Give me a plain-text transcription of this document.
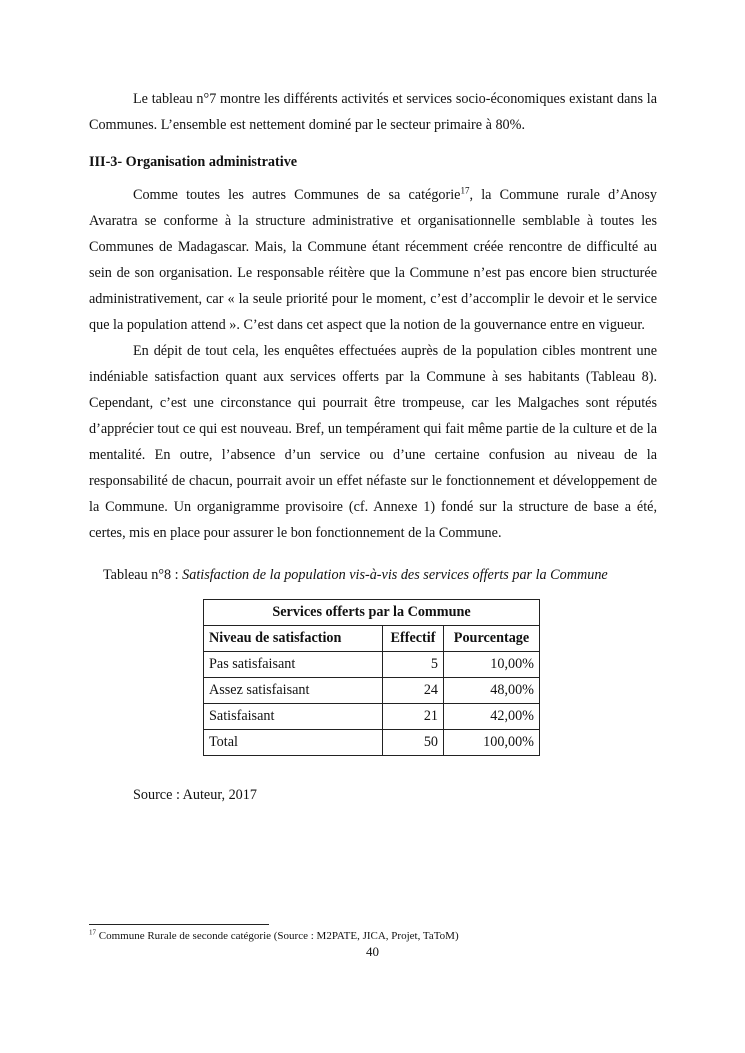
Le tableau n°7 montre les différents activités et services socio-économiques existant dans la Communes. L’ensemble est nettement dominé par le secteur primaire à 80%.

III-3- Organisation administrative

Comme toutes les autres Communes de sa catégorie$^{17}$, la Commune rurale d’Anosy Avaratra se conforme à la structure administrative et organisationnelle semblable à toutes les Communes de Madagascar. Mais, la Commune étant récemment créée rencontre de difficulté au sein de son organisation. Le responsable réitère que la Commune n’est pas encore bien structurée administrativement, car « la seule priorité pour le moment, c’est d’accomplir le devoir et le service que la population attend ». C’est dans cet aspect que la notion de la gouvernance entre en vigueur.

En dépit de tout cela, les enquêtes effectuées auprès de la population cibles montrent une indéniable satisfaction quant aux services offerts par la Commune à ses habitants (Tableau 8). Cependant, c’est une circonstance qui pourrait être trompeuse, car les Malgaches sont réputés d’apprécier tout ce qui est nouveau. Bref, un tempérament qui fait même partie de la culture et de la mentalité. En outre, l’absence d’un service ou d’une certaine confusion au niveau de la responsabilité de chacun, pourrait avoir un effet néfaste sur le fonctionnement et développement de la Commune. Un organigramme provisoire (cf. Annexe 1) fondé sur la structure de base a été, certes, mis en place pour assurer le bon fonctionnement de la Commune.

Tableau n°8 : Satisfaction de la population vis-à-vis des services offerts par la Commune

Services offerts par la Commune		
Niveau de satisfaction	Effectif	Pourcentage
Pas satisfaisant	5	10,00%
Assez satisfaisant	24	48,00%
Satisfaisant	21	42,00%
Total	50	100,00%

Source : Auteur, 2017

$^{17}$ Commune Rurale de seconde catégorie (Source : M2PATE, JICA, Projet, TaToM)
40
